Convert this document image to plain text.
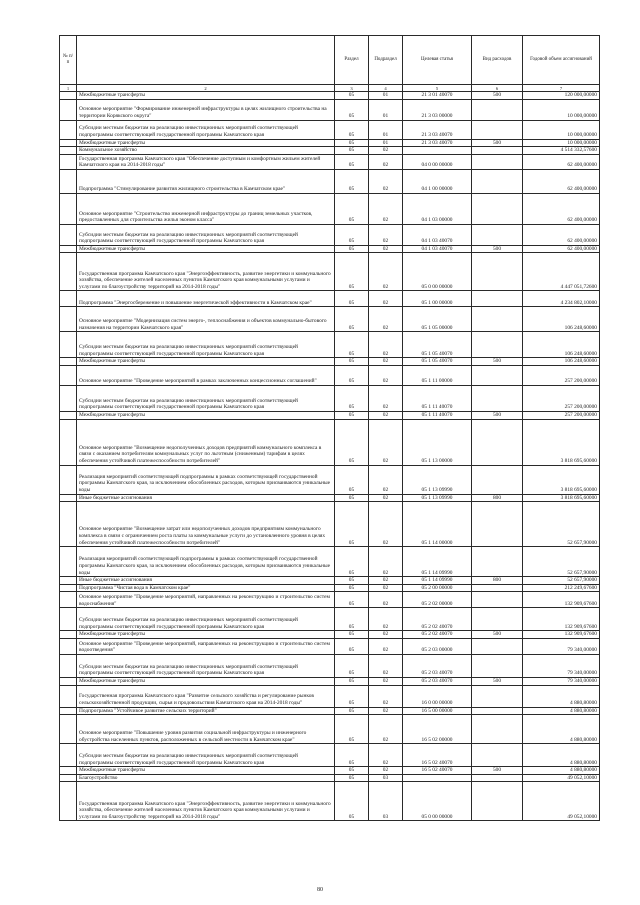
№ п/п		Раздел	Подраздел	Целевая статья	Вид расходов	Годовой объем ассигнований
1	2	3	4	5	6	7
	Межбюджетные трансферты	05	01	21 3 01 40070	500	120 000,00000
	Основное мероприятие "Формирование инженерной инфраструктуры в целях жилищного строительства на территории Корякского округа"	05	01	21 3 03 00000		10 000,00000
	Субсидии местным бюджетам на реализацию инвестиционных мероприятий соответствующей подпрограммы соответствующей государственной программы Камчатского края	05	01	21 3 03 40070		10 000,00000
	Межбюджетные трансферты	05	01	21 3 03 40070	500	10 000,00000
	Коммунальное хозяйство	05	02			4 514 332,57600
	Государственная программа Камчатского края "Обеспечение доступным и комфортным жильем жителей Камчатского края на 2014-2018 годы"	05	02	04 0 00 00000		62 400,00000
	Подпрограмма "Стимулирование развития жилищного строительства в Камчатском крае"	05	02	04 1 00 00000		62 400,00000
	Основное мероприятие "Строительство инженерной инфраструктуры до границ земельных участков, предоставленных для строительства жилья эконом класса"	05	02	04 1 03 00000		62 400,00000
	Субсидии местным бюджетам на реализацию инвестиционных мероприятий соответствующей подпрограммы соответствующей государственной программы Камчатского края	05	02	04 1 03 40070		62 400,00000
	Межбюджетные трансферты	05	02	04 1 03 40070	500	62 400,00000
	Государственная программа Камчатского края "Энергоэффективность, развитие энергетики и коммунального хозяйства, обеспечение жителей населенных пунктов Камчатского края коммунальными услугами и услугами по благоустройству территорий на 2014-2018 годы"	05	02	05 0 00 00000		4 447 051,72600
	Подпрограмма "Энергосбережение и повышение энергетической эффективности в Камчатском крае"	05	02	05 1 00 00000		4 234 802,10000
	Основное мероприятие "Модернизация систем энерго-, теплоснабжения и объектов коммунально-бытового назначения на территории Камчатского края"	05	02	05 1 05 00000		106 248,60000
	Субсидии местным бюджетам на реализацию инвестиционных мероприятий соответствующей подпрограммы соответствующей государственной программы Камчатского края	05	02	05 1 05 40070		106 248,60000
	Межбюджетные трансферты	05	02	05 1 05 40070	500	106 248,60000
	Основное мероприятие "Проведение мероприятий в рамках заключенных концессионных соглашений"	05	02	05 1 11 00000		257 200,00000
	Субсидии местным бюджетам на реализацию инвестиционных мероприятий соответствующей подпрограммы соответствующей государственной программы Камчатского края	05	02	05 1 11 40070		257 200,00000
	Межбюджетные трансферты	05	02	05 1 11 40070	500	257 200,00000
	Основное мероприятие "Возмещение недополученных доходов предприятий коммунального комплекса в связи с оказанием потребителям коммунальных услуг по льготным (сниженным) тарифам в целях обеспечения устойчивой платежеспособности потребителей"	05	02	05 1 13 00000		3 818 695,60000
	Реализация мероприятий соответствующей подпрограммы в рамках соответствующей государственной программы Камчатского края, за исключением обособленных расходов, которым присваиваются уникальные коды	05	02	05 1 13 09990		3 818 695,60000
	Иные бюджетные ассигнования	05	02	05 1 13 09990	800	3 818 695,60000
	Основное мероприятие "Возмещение затрат или недополученных доходов предприятиям коммунального комплекса в связи с ограничением роста платы за коммунальные услуги до установленного уровня в целях обеспечения устойчивой платежеспособности потребителей"	05	02	05 1 14 00000		52 657,90000
	Реализация мероприятий соответствующей подпрограммы в рамках соответствующей государственной программы Камчатского края, за исключением обособленных расходов, которым присваиваются уникальные коды	05	02	05 1 14 09990		52 657,90000
	Иные бюджетные ассигнования	05	02	05 1 14 09990	800	52 657,90000
	Подпрограмма "Чистая вода в Камчатском крае"	05	02	05 2 00 00000		212 249,67600
	Основное мероприятие "Проведение мероприятий, направленных на реконструкцию и строительство систем водоснабжения"	05	02	05 2 02 00000		132 909,67600
	Субсидии местным бюджетам на реализацию инвестиционных мероприятий соответствующей подпрограммы соответствующей государственной программы Камчатского края	05	02	05 2 02 40070		132 909,67600
	Межбюджетные трансферты	05	02	05 2 02 40070	500	132 909,67600
	Основное мероприятие "Проведение мероприятий, направленных на реконструкцию и строительство систем водоотведения"	05	02	05 2 03 00000		79 340,00000
	Субсидии местным бюджетам на реализацию инвестиционных мероприятий соответствующей подпрограммы соответствующей государственной программы Камчатского края	05	02	05 2 03 40070		79 340,00000
	Межбюджетные трансферты	05	02	05 2 03 40070	500	79 340,00000
	Государственная программа Камчатского края "Развитие сельского хозяйства и регулирование рынков сельскохозяйственной продукции, сырья и продовольствия Камчатского края на 2014-2018 годы"	05	02	16 0 00 00000		4 880,80000
	Подпрограмма "Устойчивое развитие сельских территорий"	05	02	16 5 00 00000		4 880,80000
	Основное мероприятие "Повышение уровня развития социальной инфраструктуры и инженерного обустройства населенных пунктов, расположенных в сельской местности в Камчатском крае"	05	02	16 5 02 00000		4 880,80000
	Субсидии местным бюджетам на реализацию инвестиционных мероприятий соответствующей подпрограммы соответствующей государственной программы Камчатского края	05	02	16 5 02 40070		4 880,80000
	Межбюджетные трансферты	05	02	16 5 02 40070	500	4 880,80000
	Благоустройство	05	03			49 052,10000
	Государственная программа Камчатского края "Энергоэффективность, развитие энергетики и коммунального хозяйства, обеспечение жителей населенных пунктов Камчатского края коммунальными услугами и услугами по благоустройству территорий на 2014-2018 годы"	05	03	05 0 00 00000		49 052,10000
80
